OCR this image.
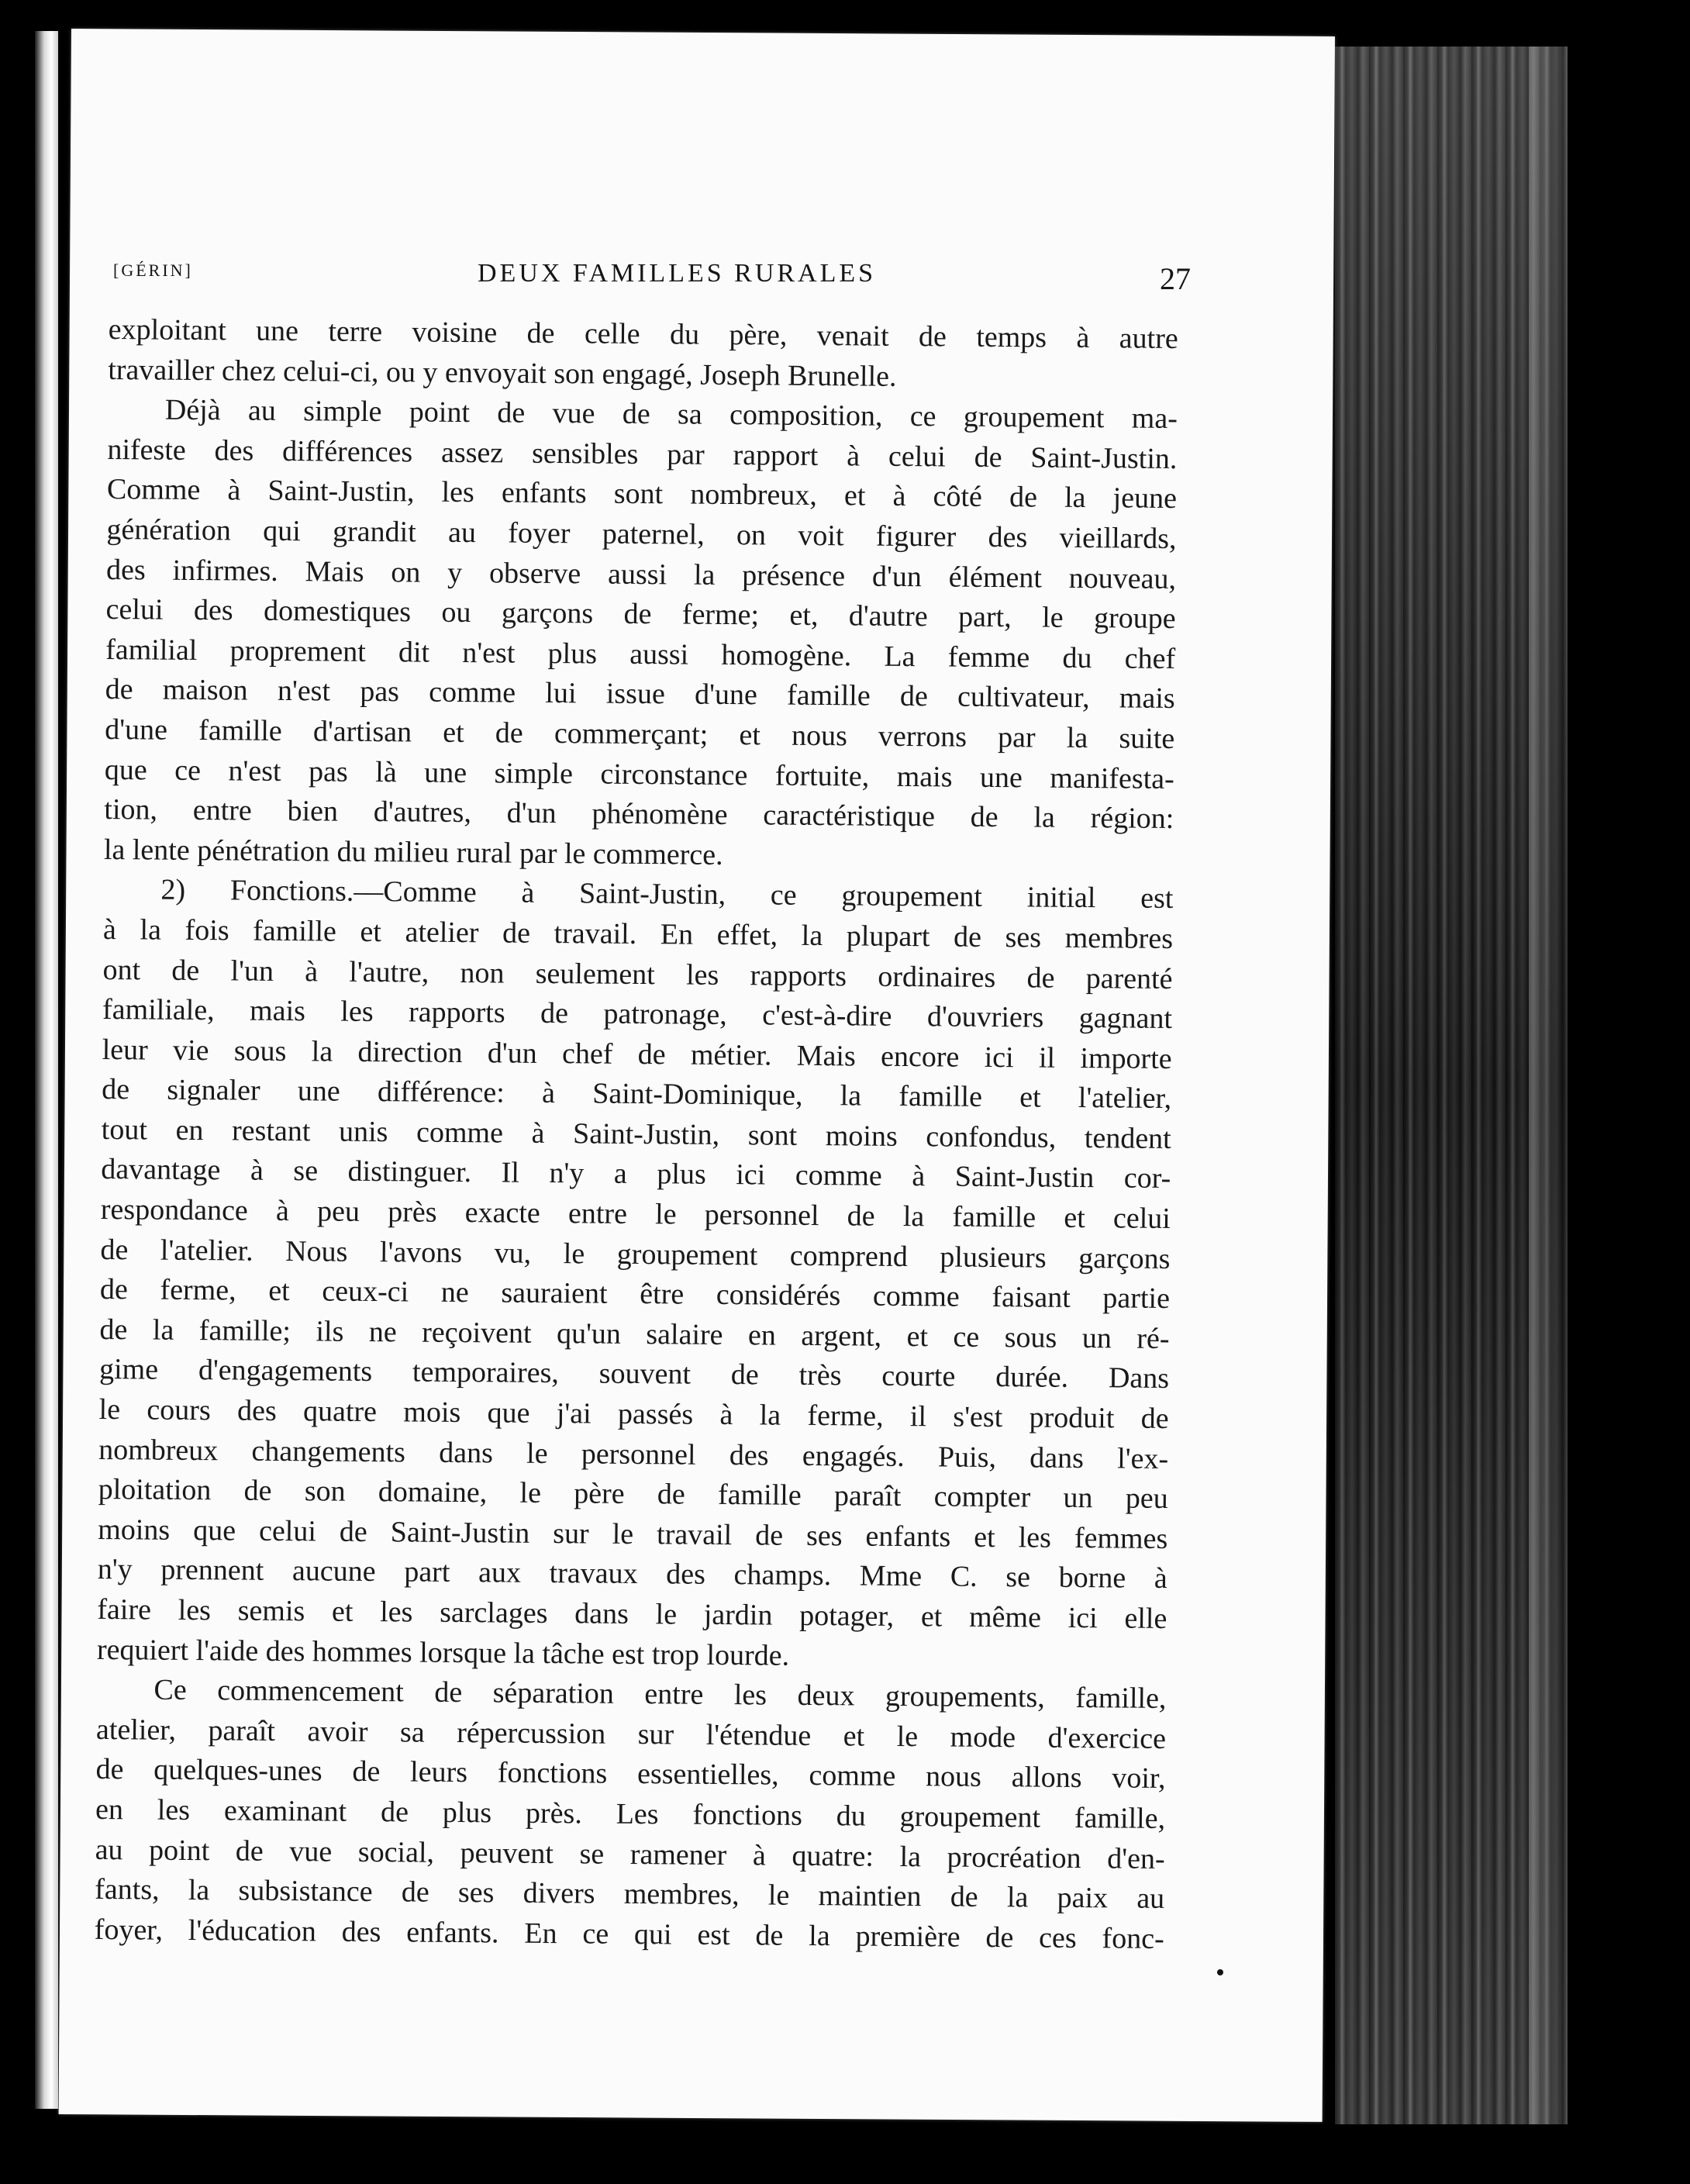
[GÉRIN]	DEUX FAMILLES RURALES	27
exploitant une terre voisine de celle du père, venait de temps à autre
travailler chez celui-ci, ou y envoyait son engagé, Joseph Brunelle.
Déjà au simple point de vue de sa composition, ce groupement ma-
nifeste des différences assez sensibles par rapport à celui de Saint-Justin.
Comme à Saint-Justin, les enfants sont nombreux, et à côté de la jeune
génération qui grandit au foyer paternel, on voit figurer des vieillards,
des infirmes. Mais on y observe aussi la présence d'un élément nouveau,
celui des domestiques ou garçons de ferme; et, d'autre part, le groupe
familial proprement dit n'est plus aussi homogène. La femme du chef
de maison n'est pas comme lui issue d'une famille de cultivateur, mais
d'une famille d'artisan et de commerçant; et nous verrons par la suite
que ce n'est pas là une simple circonstance fortuite, mais une manifesta-
tion, entre bien d'autres, d'un phénomène caractéristique de la région:
la lente pénétration du milieu rural par le commerce.
2) Fonctions.—Comme à Saint-Justin, ce groupement initial est
à la fois famille et atelier de travail. En effet, la plupart de ses membres
ont de l'un à l'autre, non seulement les rapports ordinaires de parenté
familiale, mais les rapports de patronage, c'est-à-dire d'ouvriers gagnant
leur vie sous la direction d'un chef de métier. Mais encore ici il importe
de signaler une différence: à Saint-Dominique, la famille et l'atelier,
tout en restant unis comme à Saint-Justin, sont moins confondus, tendent
davantage à se distinguer. Il n'y a plus ici comme à Saint-Justin cor-
respondance à peu près exacte entre le personnel de la famille et celui
de l'atelier. Nous l'avons vu, le groupement comprend plusieurs garçons
de ferme, et ceux-ci ne sauraient être considérés comme faisant partie
de la famille; ils ne reçoivent qu'un salaire en argent, et ce sous un ré-
gime d'engagements temporaires, souvent de très courte durée. Dans
le cours des quatre mois que j'ai passés à la ferme, il s'est produit de
nombreux changements dans le personnel des engagés. Puis, dans l'ex-
ploitation de son domaine, le père de famille paraît compter un peu
moins que celui de Saint-Justin sur le travail de ses enfants et les femmes
n'y prennent aucune part aux travaux des champs. Mme C. se borne à
faire les semis et les sarclages dans le jardin potager, et même ici elle
requiert l'aide des hommes lorsque la tâche est trop lourde.
Ce commencement de séparation entre les deux groupements, famille,
atelier, paraît avoir sa répercussion sur l'étendue et le mode d'exercice
de quelques-unes de leurs fonctions essentielles, comme nous allons voir,
en les examinant de plus près. Les fonctions du groupement famille,
au point de vue social, peuvent se ramener à quatre: la procréation d'en-
fants, la subsistance de ses divers membres, le maintien de la paix au
foyer, l'éducation des enfants. En ce qui est de la première de ces fonc-
